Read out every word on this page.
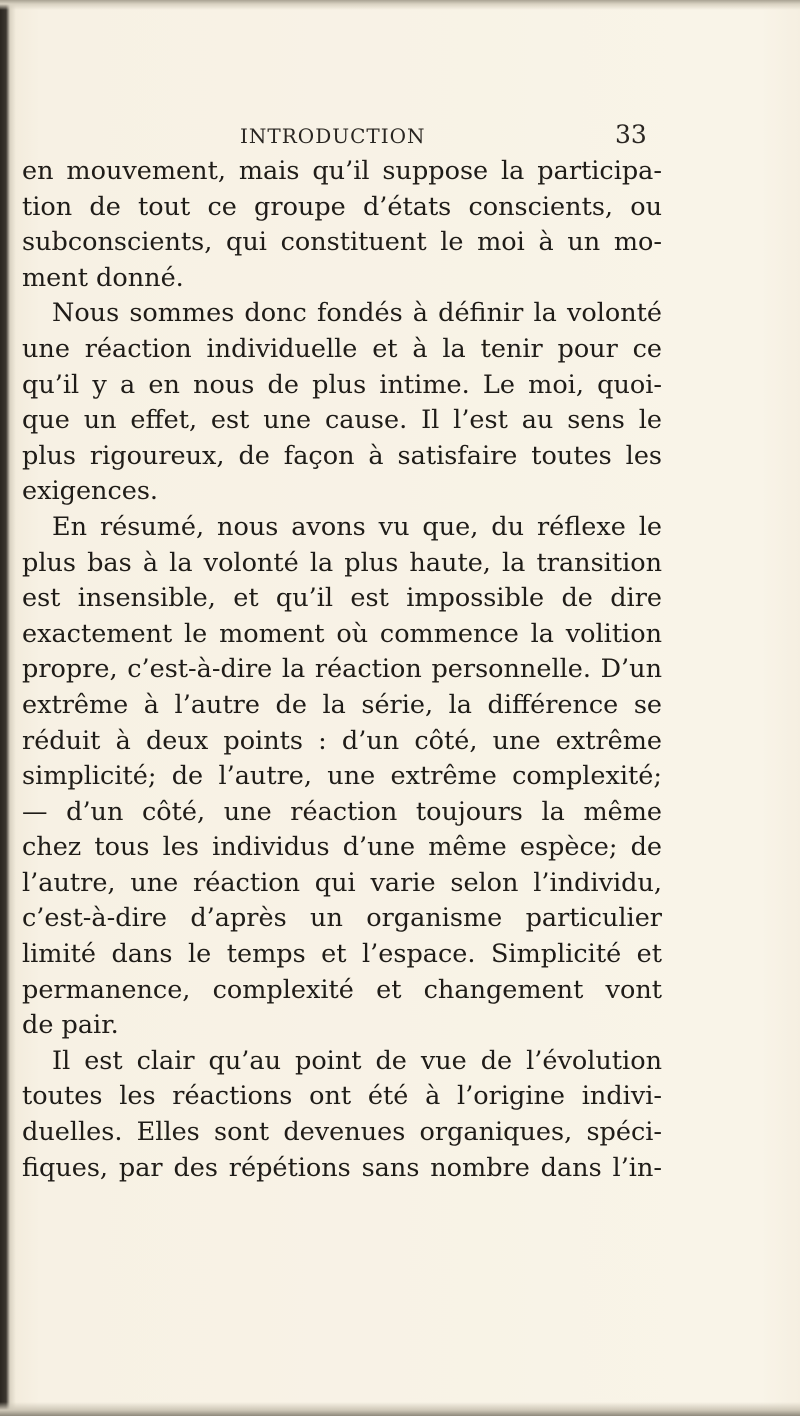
INTRODUCTION	33
en mouvement, mais qu’il suppose la participa-
tion de tout ce groupe d’états conscients, ou
subconscients, qui constituent le moi à un mo-
ment donné.
Nous sommes donc fondés à définir la volonté
une réaction individuelle et à la tenir pour ce
qu’il y a en nous de plus intime. Le moi, quoi-
que un effet, est une cause. Il l’est au sens le
plus rigoureux, de façon à satisfaire toutes les
exigences.
En résumé, nous avons vu que, du réflexe le
plus bas à la volonté la plus haute, la transition
est insensible, et qu’il est impossible de dire
exactement le moment où commence la volition
propre, c’est-à-dire la réaction personnelle. D’un
extrême à l’autre de la série, la différence se
réduit à deux points : d’un côté, une extrême
simplicité; de l’autre, une extrême complexité;
— d’un côté, une réaction toujours la même
chez tous les individus d’une même espèce; de
l’autre, une réaction qui varie selon l’individu,
c’est-à-dire d’après un organisme particulier
limité dans le temps et l’espace. Simplicité et
permanence, complexité et changement vont
de pair.
Il est clair qu’au point de vue de l’évolution
toutes les réactions ont été à l’origine indivi-
duelles. Elles sont devenues organiques, spéci-
fiques, par des répétions sans nombre dans l’in-
